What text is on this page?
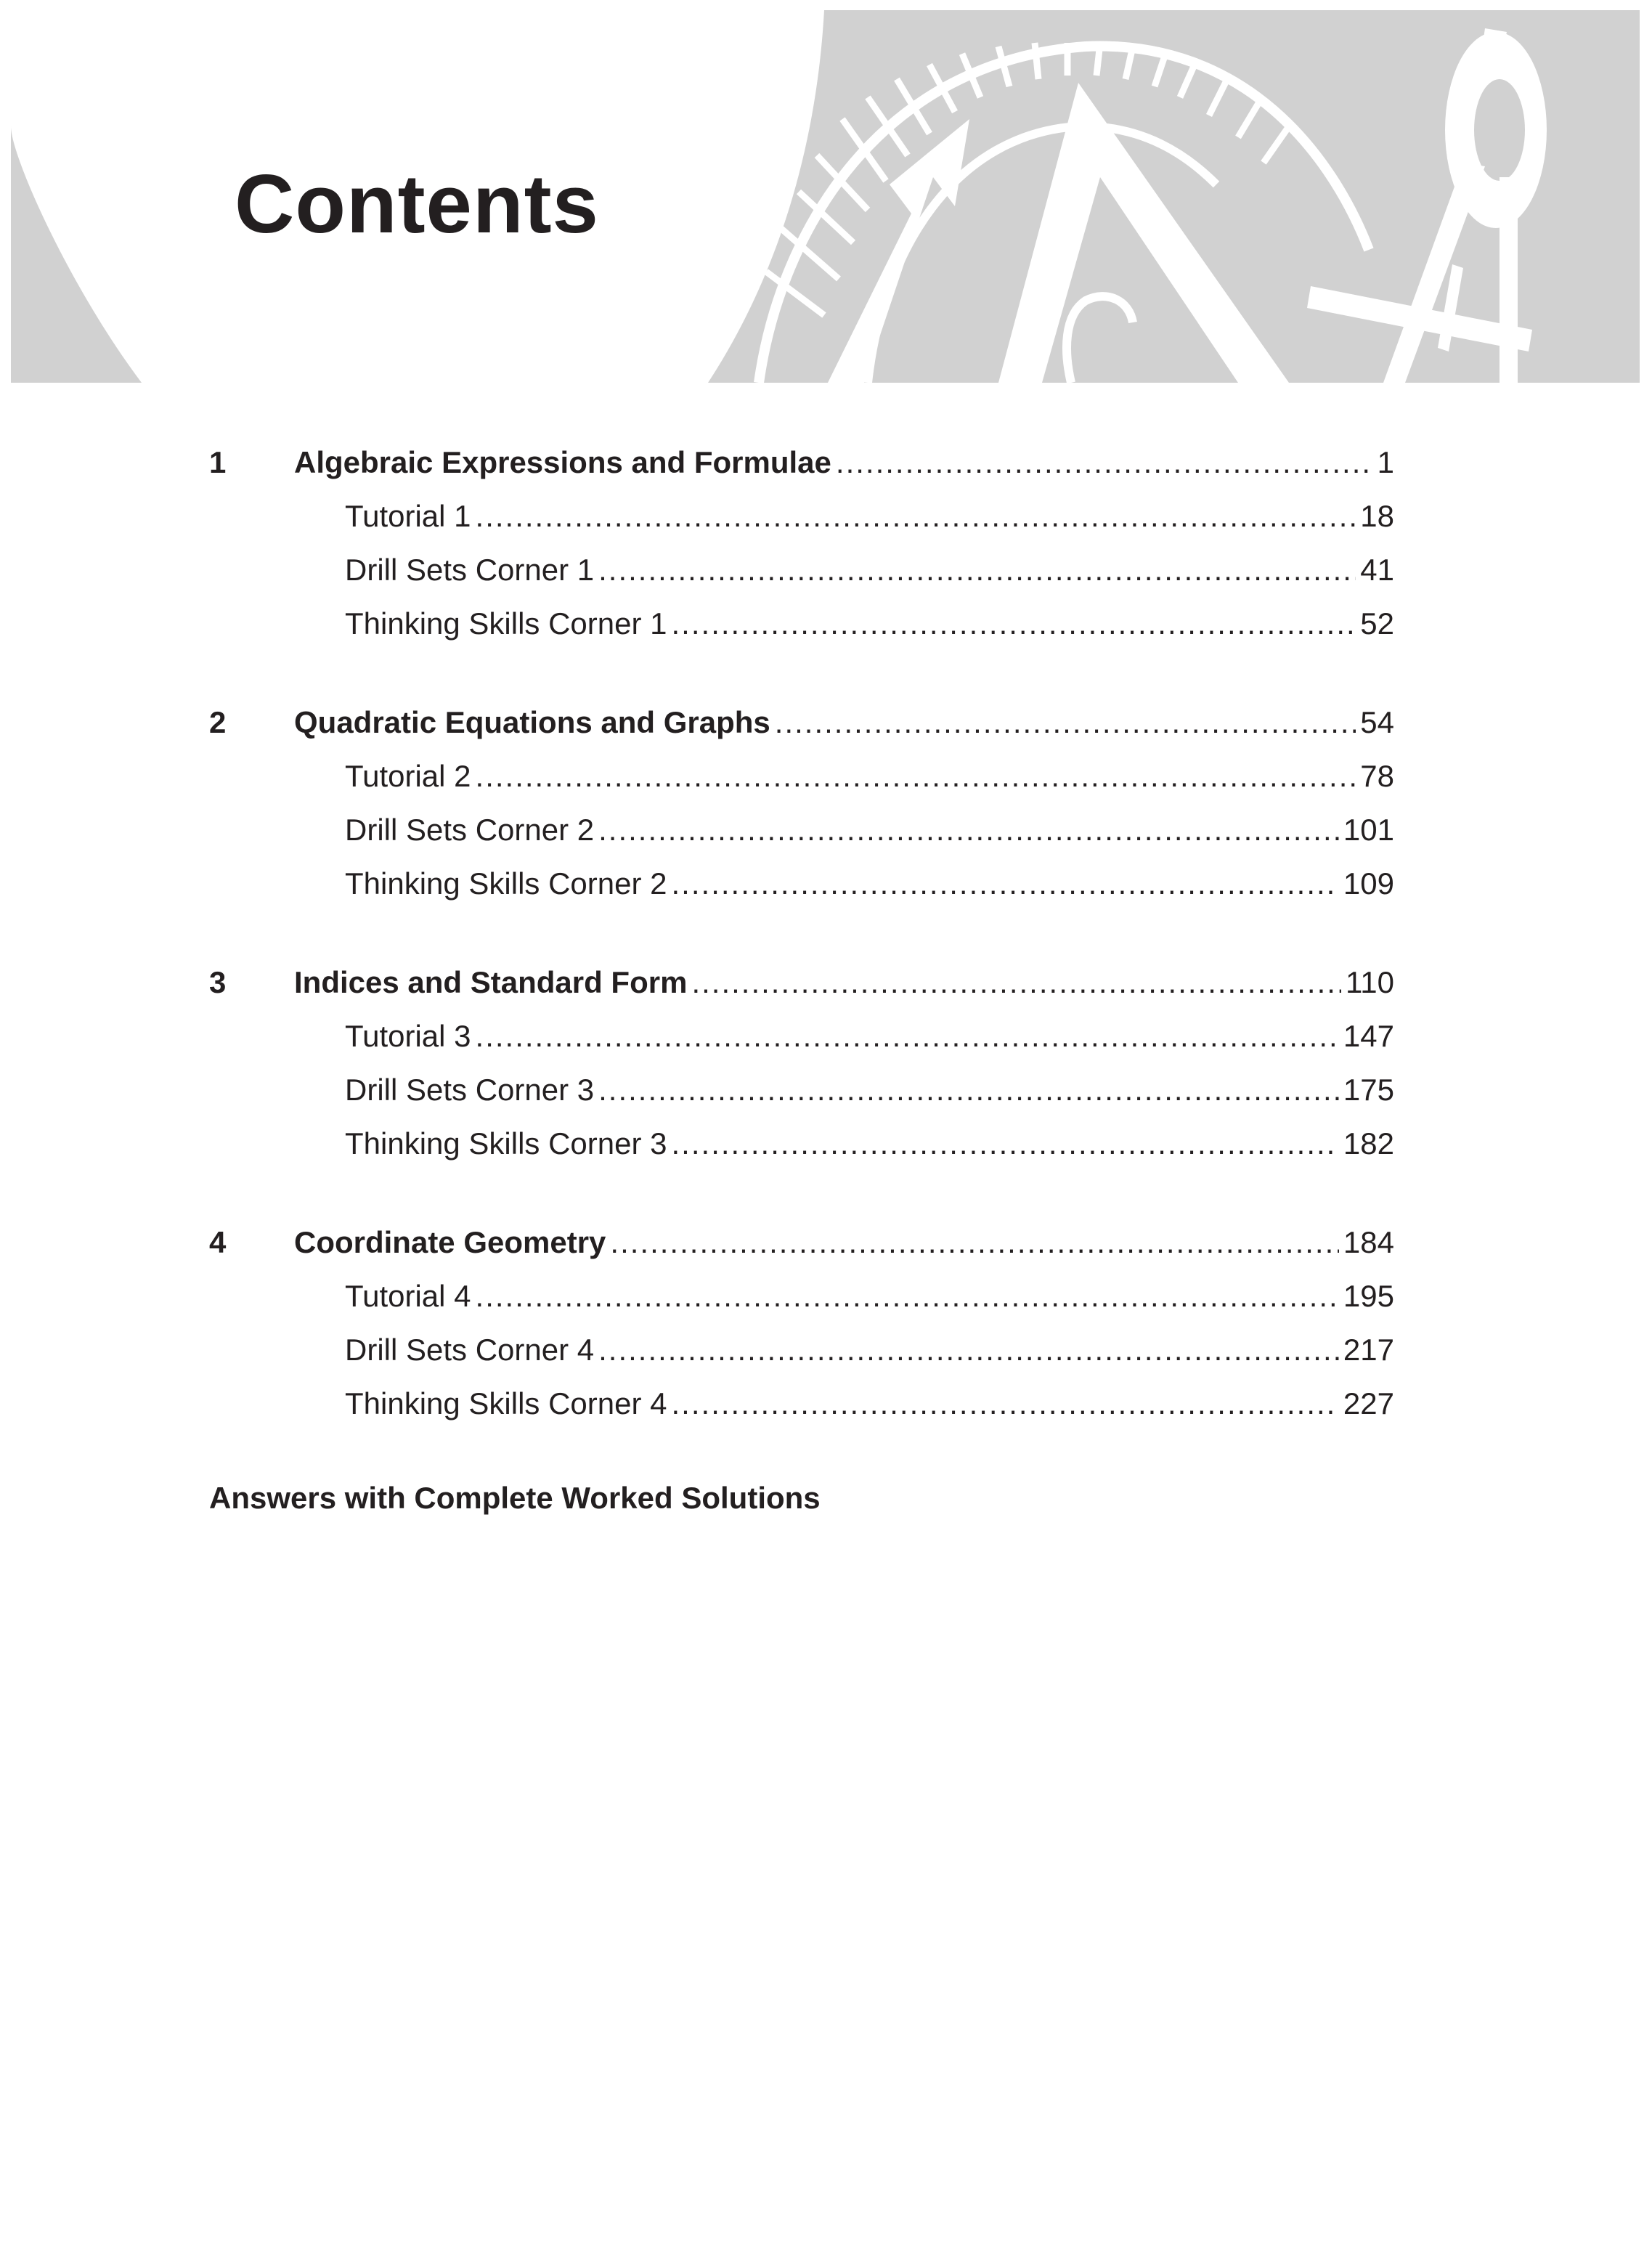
Contents
1	Algebraic Expressions and Formulae .....	1
Tutorial 1 .....	18
Drill Sets Corner 1 .....	41
Thinking Skills Corner 1 .....	52
2	Quadratic Equations and Graphs .....	54
Tutorial 2 .....	78
Drill Sets Corner 2 .....	101
Thinking Skills Corner 2 .....	109
3	Indices and Standard Form .....	110
Tutorial 3 .....	147
Drill Sets Corner 3 .....	175
Thinking Skills Corner 3 .....	182
4	Coordinate Geometry .....	184
Tutorial 4 .....	195
Drill Sets Corner 4 .....	217
Thinking Skills Corner 4 .....	227
Answers with Complete Worked Solutions
